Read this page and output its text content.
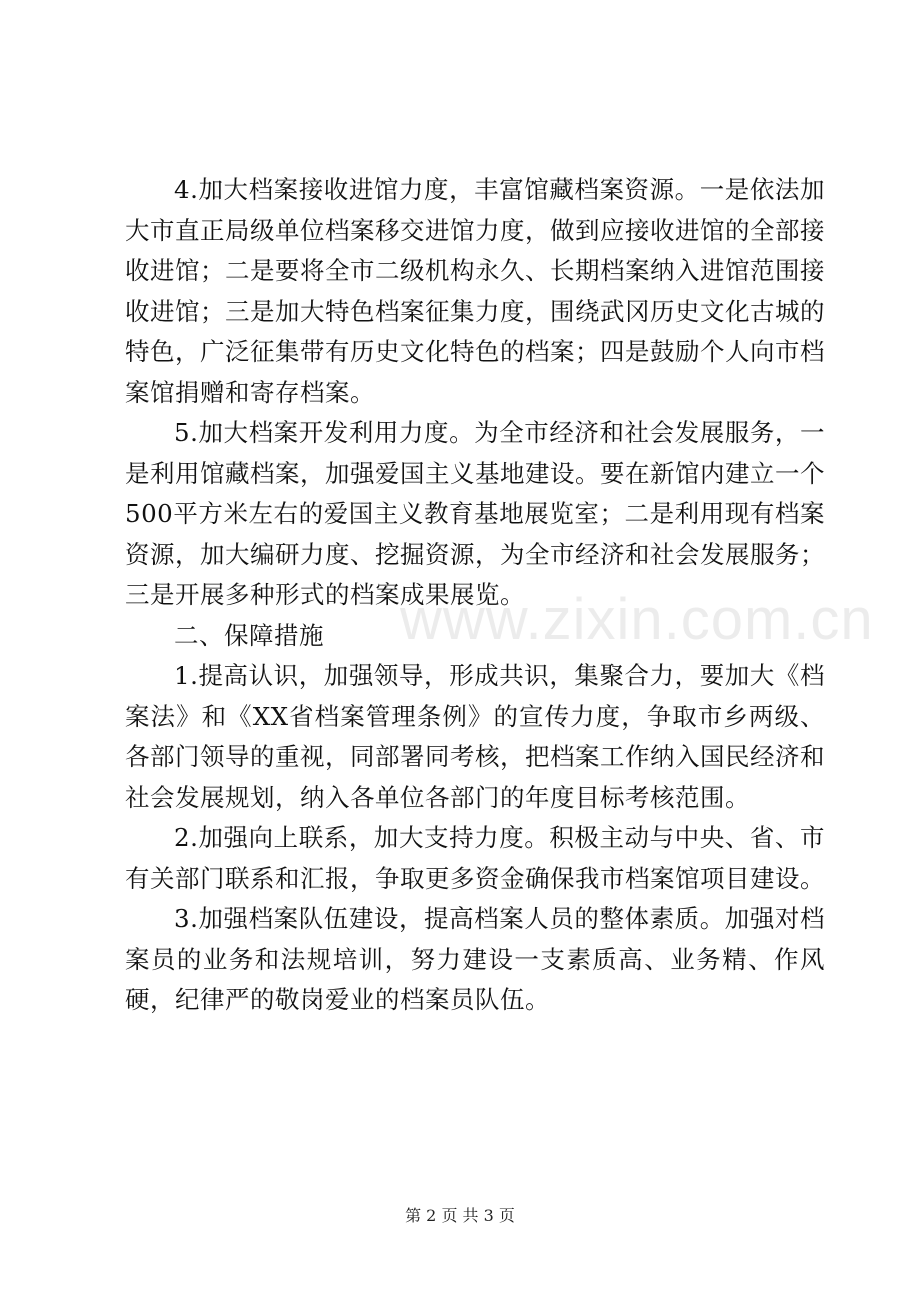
4.加大档案接收进馆力度，丰富馆藏档案资源。一是依法加大市直正局级单位档案移交进馆力度，做到应接收进馆的全部接收进馆；二是要将全市二级机构永久、长期档案纳入进馆范围接收进馆；三是加大特色档案征集力度，围绕武冈历史文化古城的特色，广泛征集带有历史文化特色的档案；四是鼓励个人向市档案馆捐赠和寄存档案。

5.加大档案开发利用力度。为全市经济和社会发展服务，一是利用馆藏档案，加强爱国主义基地建设。要在新馆内建立一个500平方米左右的爱国主义教育基地展览室；二是利用现有档案资源，加大编研力度、挖掘资源，为全市经济和社会发展服务；三是开展多种形式的档案成果展览。

二、保障措施

1.提高认识，加强领导，形成共识，集聚合力，要加大《档案法》和《XX省档案管理条例》的宣传力度，争取市乡两级、各部门领导的重视，同部署同考核，把档案工作纳入国民经济和社会发展规划，纳入各单位各部门的年度目标考核范围。

2.加强向上联系，加大支持力度。积极主动与中央、省、市有关部门联系和汇报，争取更多资金确保我市档案馆项目建设。

3.加强档案队伍建设，提高档案人员的整体素质。加强对档案员的业务和法规培训，努力建设一支素质高、业务精、作风硬，纪律严的敬岗爱业的档案员队伍。

www.zixin.com.cn
第 2 页 共 3 页
